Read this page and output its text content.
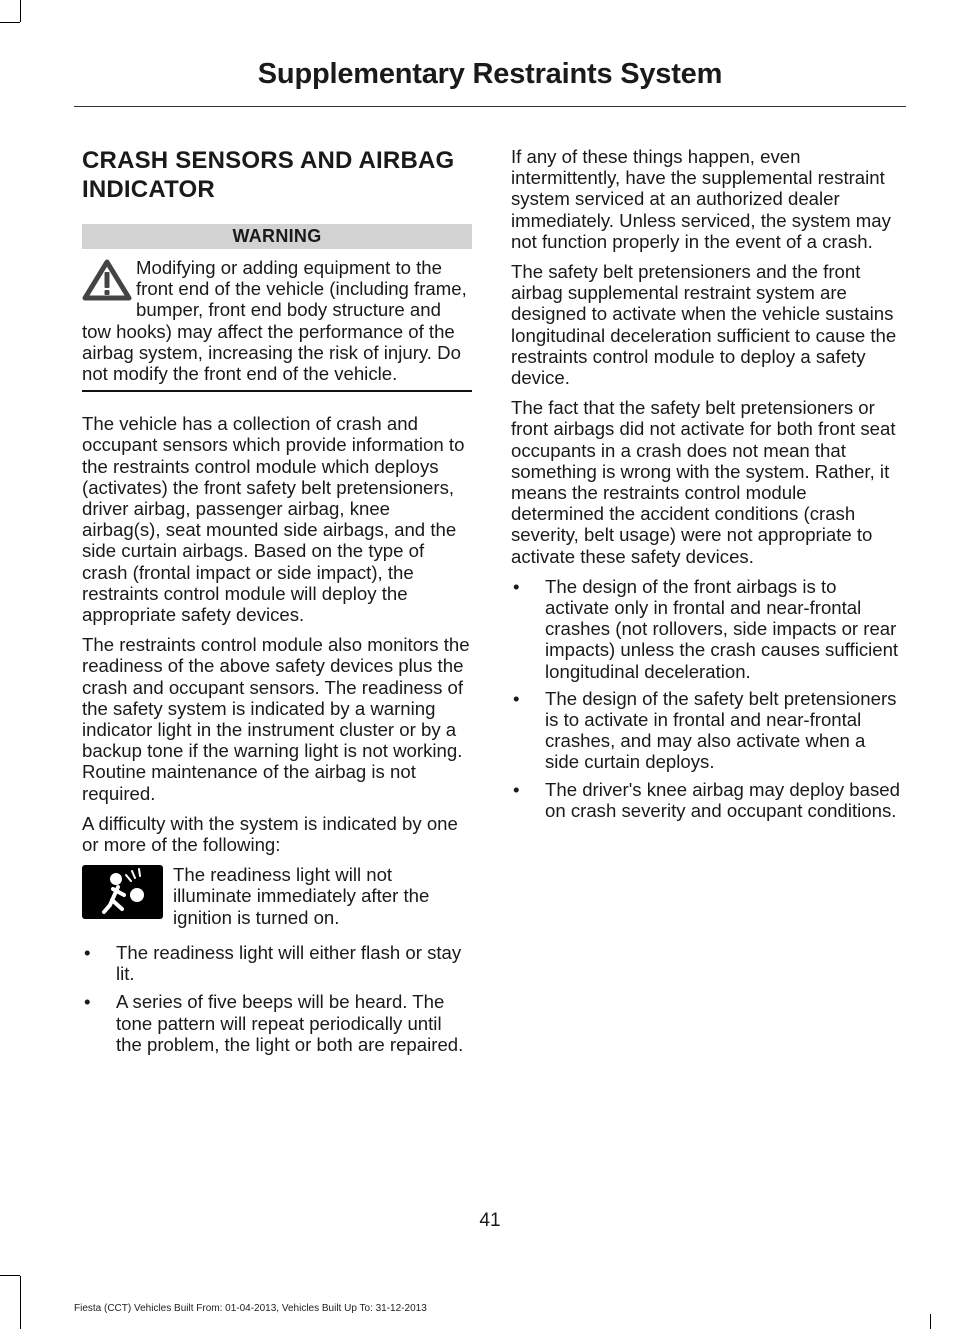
Supplementary Restraints System
CRASH SENSORS AND AIRBAG INDICATOR
WARNING

Modifying or adding equipment to the front end of the vehicle (including frame, bumper, front end body structure and tow hooks) may affect the performance of the airbag system, increasing the risk of injury. Do not modify the front end of the vehicle.

The vehicle has a collection of crash and occupant sensors which provide information to the restraints control module which deploys (activates) the front safety belt pretensioners, driver airbag, passenger airbag, knee airbag(s), seat mounted side airbags, and the side curtain airbags. Based on the type of crash (frontal impact or side impact), the restraints control module will deploy the appropriate safety devices.

The restraints control module also monitors the readiness of the above safety devices plus the crash and occupant sensors. The readiness of the safety system is indicated by a warning indicator light in the instrument cluster or by a backup tone if the warning light is not working. Routine maintenance of the airbag is not required.

A difficulty with the system is indicated by one or more of the following:

The readiness light will not illuminate immediately after the ignition is turned on.

• The readiness light will either flash or stay lit.
• A series of five beeps will be heard. The tone pattern will repeat periodically until the problem, the light or both are repaired.

If any of these things happen, even intermittently, have the supplemental restraint system serviced at an authorized dealer immediately. Unless serviced, the system may not function properly in the event of a crash.

The safety belt pretensioners and the front airbag supplemental restraint system are designed to activate when the vehicle sustains longitudinal deceleration sufficient to cause the restraints control module to deploy a safety device.

The fact that the safety belt pretensioners or front airbags did not activate for both front seat occupants in a crash does not mean that something is wrong with the system. Rather, it means the restraints control module determined the accident conditions (crash severity, belt usage) were not appropriate to activate these safety devices.

• The design of the front airbags is to activate only in frontal and near-frontal crashes (not rollovers, side impacts or rear impacts) unless the crash causes sufficient longitudinal deceleration.
• The design of the safety belt pretensioners is to activate in frontal and near-frontal crashes, and may also activate when a side curtain deploys.
• The driver's knee airbag may deploy based on crash severity and occupant conditions.
41
Fiesta (CCT) Vehicles Built From: 01-04-2013, Vehicles Built Up To: 31-12-2013
